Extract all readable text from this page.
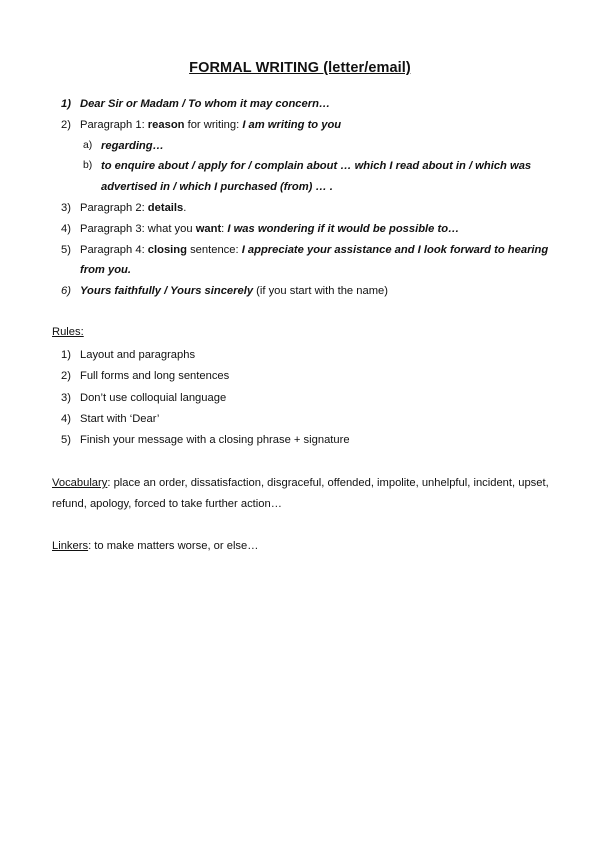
FORMAL WRITING (letter/email)
1) Dear Sir or Madam / To whom it may concern…
2) Paragraph 1: reason for writing: I am writing to you
a) regarding…
b) to enquire about / apply for / complain about … which I read about in / which was advertised in / which I purchased (from) … .
3) Paragraph 2: details.
4) Paragraph 3: what you want: I was wondering if it would be possible to…
5) Paragraph 4: closing sentence: I appreciate your assistance and I look forward to hearing from you.
6) Yours faithfully / Yours sincerely (if you start with the name)
Rules:
1) Layout and paragraphs
2) Full forms and long sentences
3) Don’t use colloquial language
4) Start with ‘Dear’
5) Finish your message with a closing phrase + signature
Vocabulary: place an order, dissatisfaction, disgraceful, offended, impolite, unhelpful, incident, upset, refund, apology, forced to take further action…
Linkers: to make matters worse, or else…
